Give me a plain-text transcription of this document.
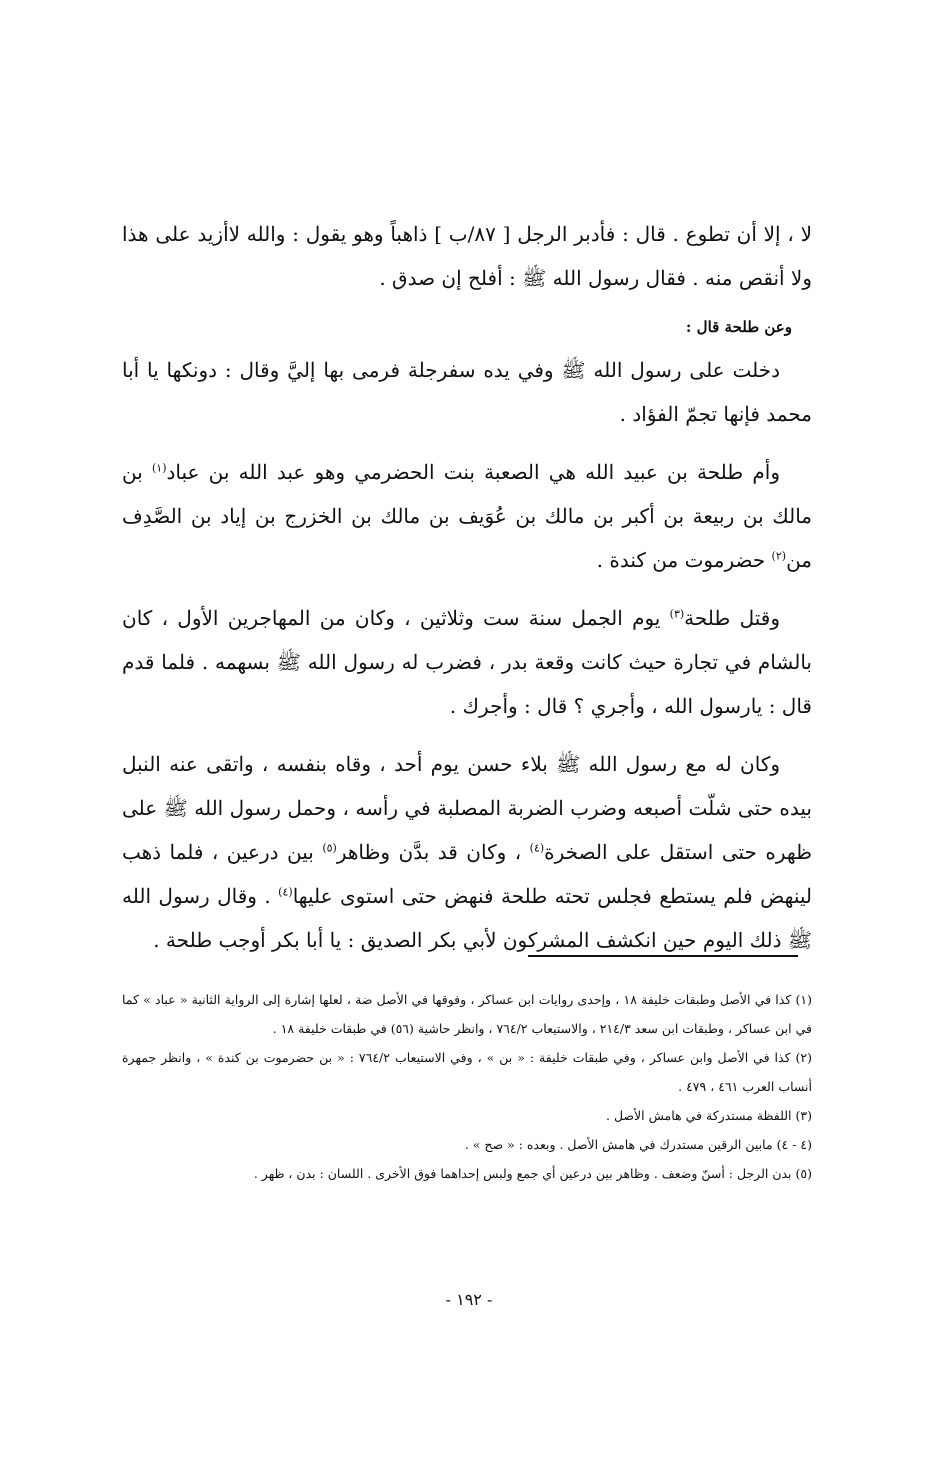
لا ، إلا أن تطوع . قال : فأدبر الرجل [ ٨٧/ب ] ذاهباً وهو يقول : والله لاأزيد على هذا ولا أنقص منه . فقال رسول الله ﷺ : أفلح إن صدق .

وعن طلحة قال :

دخلت على رسول الله ﷺ وفي يده سفرجلة فرمى بها إليَّ وقال : دونكها يا أبا محمد فإنها تجمّ الفؤاد .

وأم طلحة بن عبيد الله هي الصعبة بنت الحضرمي وهو عبد الله بن عباد$^{(١)}$ بن مالك بن ربيعة بن أكبر بن مالك بن عُوَيف بن مالك بن الخزرج بن إياد بن الصَّدِف من$^{(٢)}$ حضرموت من كندة .

وقتل طلحة$^{(٣)}$ يوم الجمل سنة ست وثلاثين ، وكان من المهاجرين الأول ، كان بالشام في تجارة حيث كانت وقعة بدر ، فضرب له رسول الله ﷺ بسهمه . فلما قدم قال : يارسول الله ، وأجري ؟ قال : وأجرك .

وكان له مع رسول الله ﷺ بلاء حسن يوم أحد ، وقاه بنفسه ، واتقى عنه النبل بيده حتى شلّت أصبعه وضرب الضربة المصلبة في رأسه ، وحمل رسول الله ﷺ على ظهره حتى استقل على الصخرة$^{(٤)}$ ، وكان قد بدَّن وظاهر$^{(٥)}$ بين درعين ، فلما ذهب لينهض فلم يستطع فجلس تحته طلحة فنهض حتى استوى عليها$^{(٤)}$ . وقال رسول الله ﷺ ذلك اليوم حين انكشف المشركون لأبي بكر الصديق : يا أبا بكر أوجب طلحة .

(١) كذا في الأصل وطبقات خليفة ١٨ ، وإحدى روايات ابن عساكر ، وفوقها في الأصل ضة ، لعلها إشارة إلى الرواية الثانية « عباد » كما في ابن عساكر ، وطبقات ابن سعد ٢١٤/٣ ، والاستيعاب ٧٦٤/٢ ، وانظر حاشية (٥٦) في طبقات خليفة ١٨ .

(٢) كذا في الأصل وابن عساكر ، وفي طبقات خليفة : « بن » ، وفي الاستيعاب ٧٦٤/٢ : « بن حضرموت بن كندة » ، وانظر جمهرة أنساب العرب ٤٦١ ، ٤٧٩ .

(٣) اللفظة مستدركة في هامش الأصل .

(٤ - ٤) مابين الرقين مستدرك في هامش الأصل . وبعده : « صح » .

(٥) بدن الرجل : أسنّ وضعف . وظاهر بين درعين أي جمع ولبس إحداهما فوق الأخرى . اللسان : بدن ، ظهر .

- ١٩٢ -
